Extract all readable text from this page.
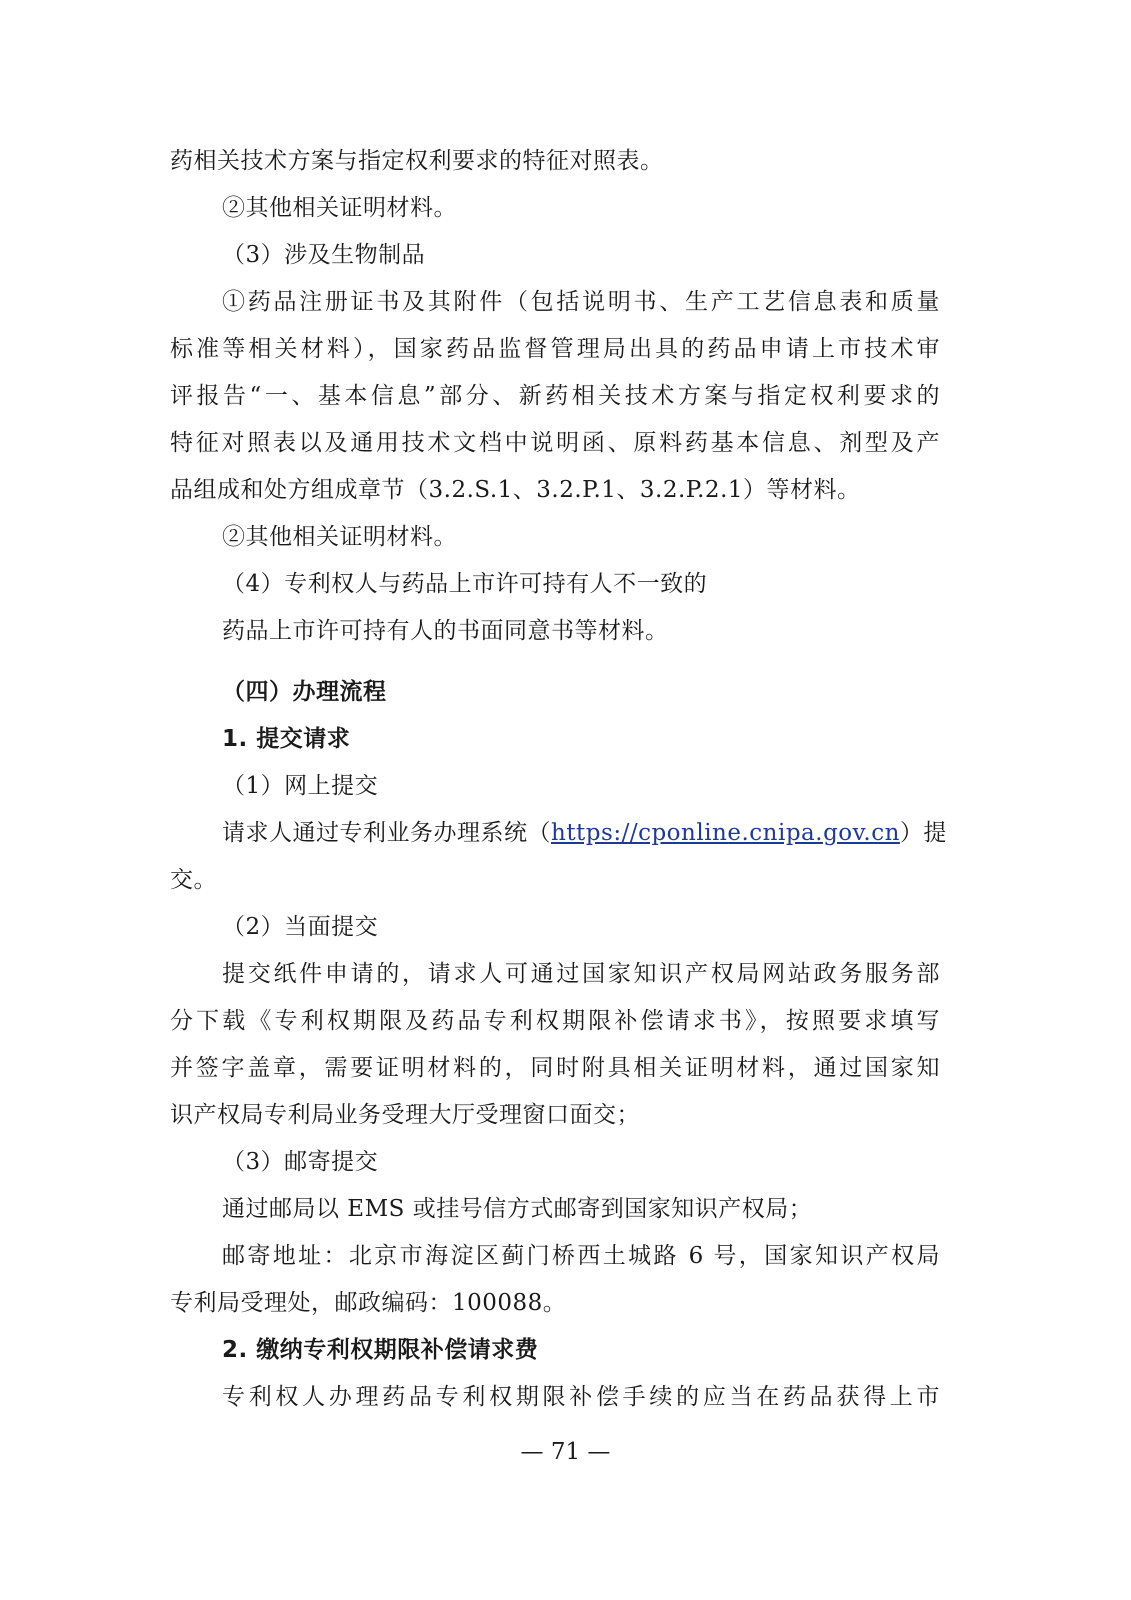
药相关技术方案与指定权利要求的特征对照表。
②其他相关证明材料。
（3）涉及生物制品
①药品注册证书及其附件（包括说明书、生产工艺信息表和质量
标准等相关材料），国家药品监督管理局出具的药品申请上市技术审
评报告“一、基本信息”部分、新药相关技术方案与指定权利要求的
特征对照表以及通用技术文档中说明函、原料药基本信息、剂型及产
品组成和处方组成章节（3.2.S.1、3.2.P.1、3.2.P.2.1）等材料。
②其他相关证明材料。
（4）专利权人与药品上市许可持有人不一致的
药品上市许可持有人的书面同意书等材料。
（四）办理流程
1. 提交请求
（1）网上提交
请求人通过专利业务办理系统（https://cponline.cnipa.gov.cn）提
交。
（2）当面提交
提交纸件申请的，请求人可通过国家知识产权局网站政务服务部
分下载《专利权期限及药品专利权期限补偿请求书》，按照要求填写
并签字盖章，需要证明材料的，同时附具相关证明材料，通过国家知
识产权局专利局业务受理大厅受理窗口面交；
（3）邮寄提交
通过邮局以 EMS 或挂号信方式邮寄到国家知识产权局；
邮寄地址：北京市海淀区蓟门桥西土城路 6 号，国家知识产权局
专利局受理处，邮政编码：100088。
2. 缴纳专利权期限补偿请求费
专利权人办理药品专利权期限补偿手续的应当在药品获得上市
— 71 —
